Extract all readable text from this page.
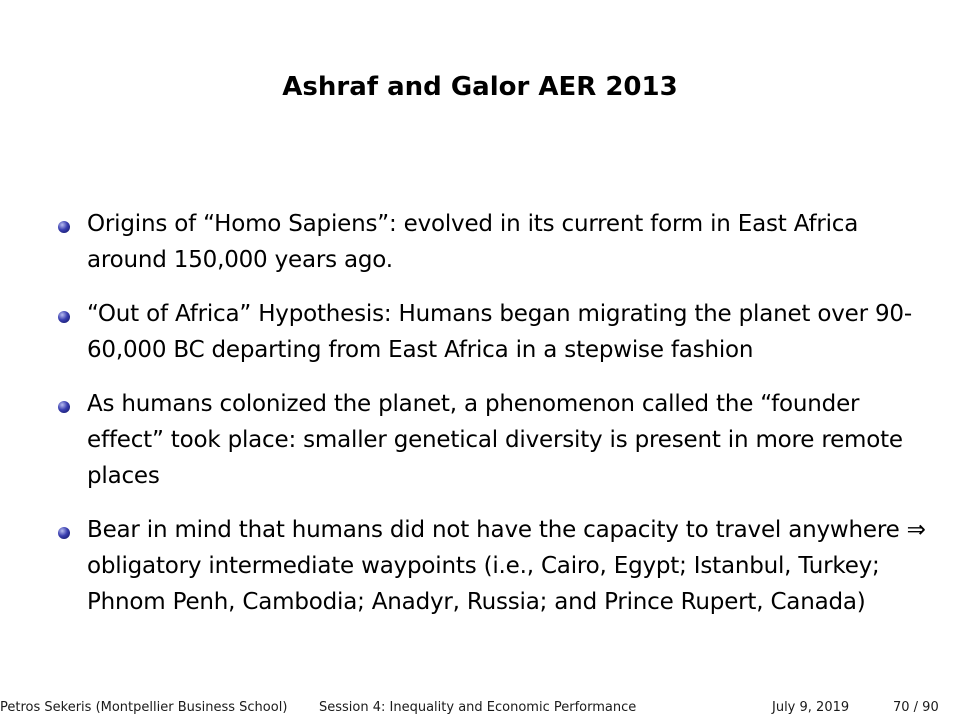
Ashraf and Galor AER 2013
Origins of “Homo Sapiens”: evolved in its current form in East Africa around 150,000 years ago.
“Out of Africa” Hypothesis: Humans began migrating the planet over 90-60,000 BC departing from East Africa in a stepwise fashion
As humans colonized the planet, a phenomenon called the “founder effect” took place: smaller genetical diversity is present in more remote places
Bear in mind that humans did not have the capacity to travel anywhere ⇒ obligatory intermediate waypoints (i.e., Cairo, Egypt; Istanbul, Turkey; Phnom Penh, Cambodia; Anadyr, Russia; and Prince Rupert, Canada)
Petros Sekeris (Montpellier Business School) Session 4: Inequality and Economic Performance	July 9, 2019	70 / 90
